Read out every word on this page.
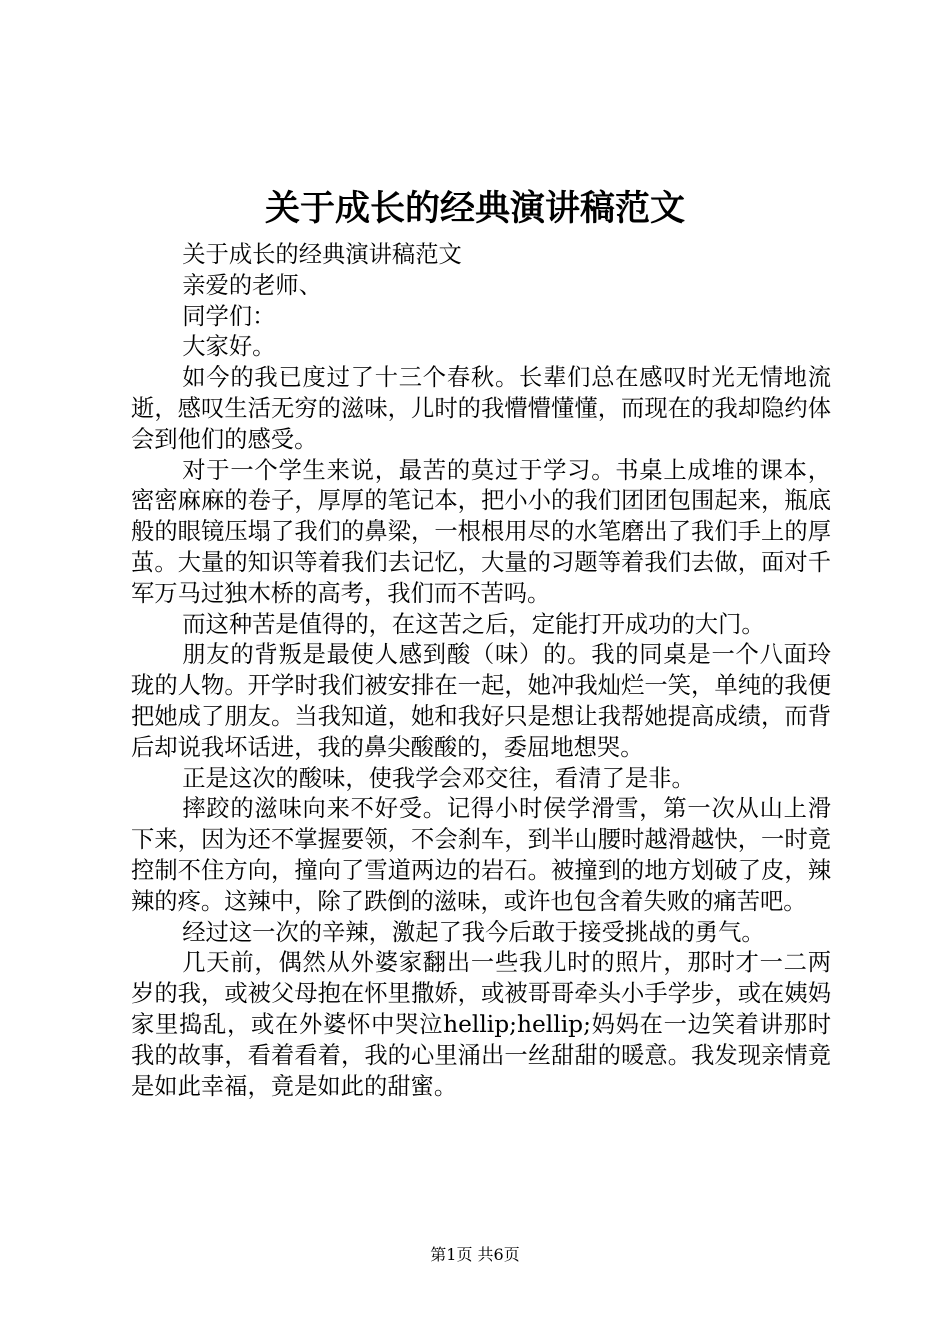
关于成长的经典演讲稿范文

关于成长的经典演讲稿范文

亲爱的老师、

同学们：

大家好。

如今的我已度过了十三个春秋。长辈们总在感叹时光无情地流逝，感叹生活无穷的滋味，儿时的我懵懵懂懂，而现在的我却隐约体会到他们的感受。

对于一个学生来说，最苦的莫过于学习。书桌上成堆的课本，密密麻麻的卷子，厚厚的笔记本，把小小的我们团团包围起来，瓶底般的眼镜压塌了我们的鼻梁，一根根用尽的水笔磨出了我们手上的厚茧。大量的知识等着我们去记忆，大量的习题等着我们去做，面对千军万马过独木桥的高考，我们而不苦吗。

而这种苦是值得的，在这苦之后，定能打开成功的大门。

朋友的背叛是最使人感到酸（味）的。我的同桌是一个八面玲珑的人物。开学时我们被安排在一起，她冲我灿烂一笑，单纯的我便把她成了朋友。当我知道，她和我好只是想让我帮她提高成绩，而背后却说我坏话进，我的鼻尖酸酸的，委屈地想哭。

正是这次的酸味，使我学会邓交往，看清了是非。

摔跤的滋味向来不好受。记得小时侯学滑雪，第一次从山上滑下来，因为还不掌握要领，不会刹车，到半山腰时越滑越快，一时竟控制不住方向，撞向了雪道两边的岩石。被撞到的地方划破了皮，辣辣的疼。这辣中，除了跌倒的滋味，或许也包含着失败的痛苦吧。

经过这一次的辛辣，激起了我今后敢于接受挑战的勇气。

几天前，偶然从外婆家翻出一些我儿时的照片，那时才一二两岁的我，或被父母抱在怀里撒娇，或被哥哥牵头小手学步，或在姨妈家里捣乱，或在外婆怀中哭泣hellip;hellip;妈妈在一边笑着讲那时我的故事，看着看着，我的心里涌出一丝甜甜的暖意。我发现亲情竟是如此幸福，竟是如此的甜蜜。

第1页 共6页
